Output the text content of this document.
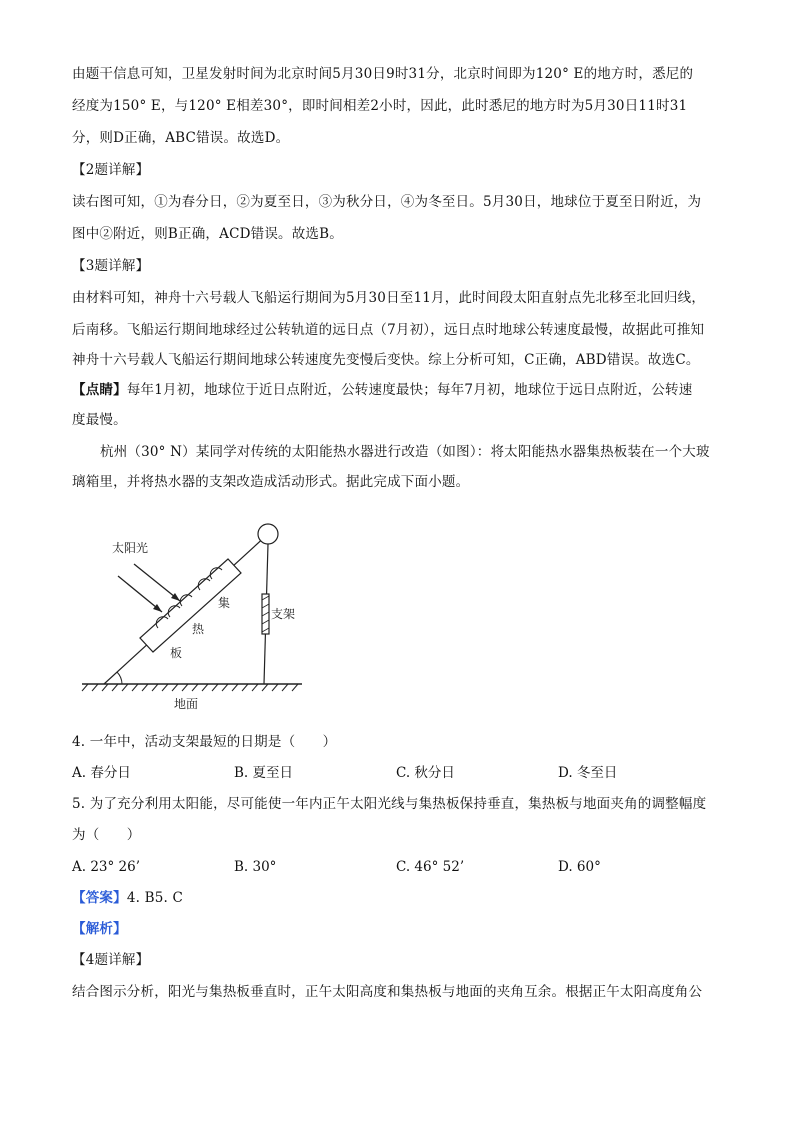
由题干信息可知，卫星发射时间为北京时间5月30日9时31分，北京时间即为120° E的地方时，悉尼的
经度为150° E，与120° E相差30°，即时间相差2小时，因此，此时悉尼的地方时为5月30日11时31
分，则D正确，ABC错误。故选D。
【2题详解】
读右图可知，①为春分日，②为夏至日，③为秋分日，④为冬至日。5月30日，地球位于夏至日附近，为
图中②附近，则B正确，ACD错误。故选B。
【3题详解】
由材料可知，神舟十六号载人飞船运行期间为5月30日至11月，此时间段太阳直射点先北移至北回归线，
后南移。飞船运行期间地球经过公转轨道的远日点（7月初），远日点时地球公转速度最慢，故据此可推知
神舟十六号载人飞船运行期间地球公转速度先变慢后变快。综上分析可知，C正确，ABD错误。故选C。
【点睛】每年1月初，地球位于近日点附近，公转速度最快；每年7月初，地球位于远日点附近，公转速
度最慢。
杭州（30° N）某同学对传统的太阳能热水器进行改造（如图）：将太阳能热水器集热板装在一个大玻
璃箱里，并将热水器的支架改造成活动形式。据此完成下面小题。
太阳光
集
热
板
支架
地面
4. 一年中，活动支架最短的日期是（　　）
A. 春分日	B. 夏至日	C. 秋分日	D. 冬至日
5. 为了充分利用太阳能，尽可能使一年内正午太阳光线与集热板保持垂直，集热板与地面夹角的调整幅度
为（　　）
A. 23° 26’	B. 30°	C. 46° 52’	D. 60°
【答案】4. B5. C
【解析】
【4题详解】
结合图示分析，阳光与集热板垂直时，正午太阳高度和集热板与地面的夹角互余。根据正午太阳高度角公
